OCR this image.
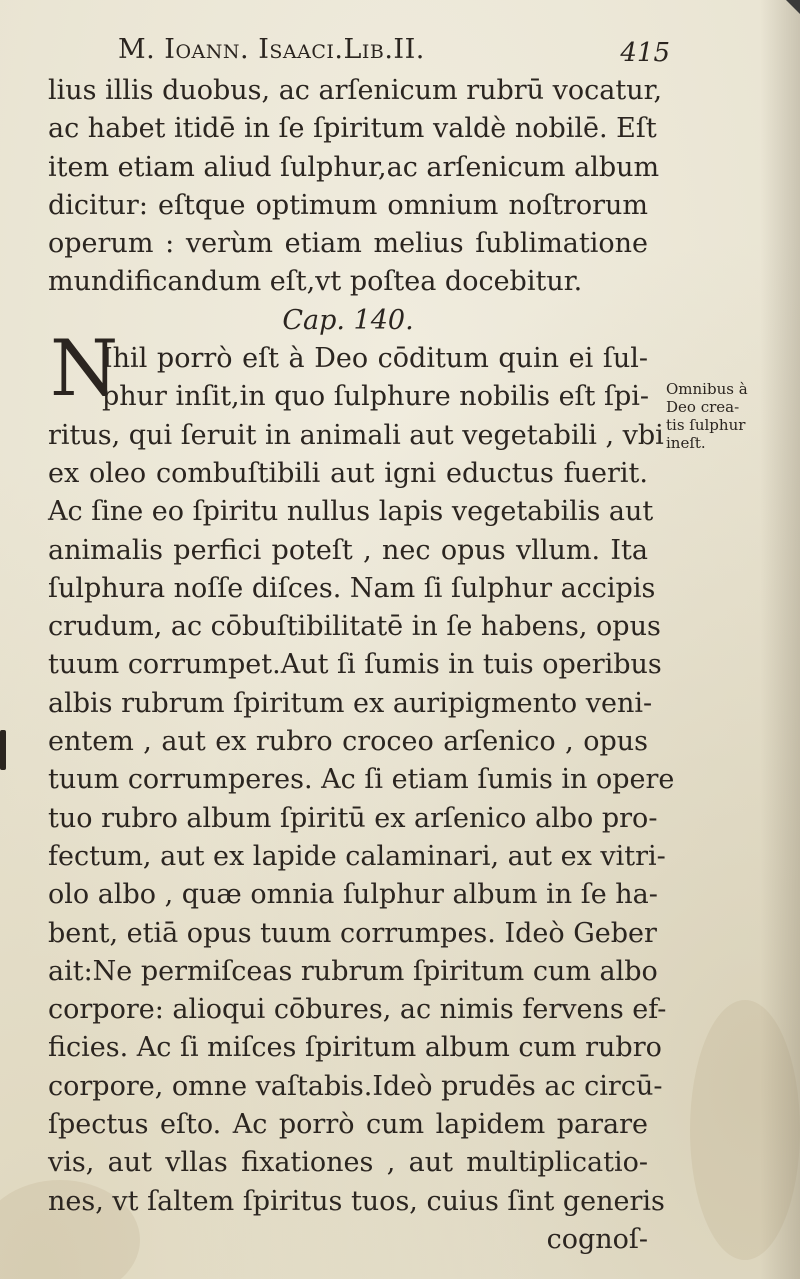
M. Ioann. Isaaci.Lib.II.	415
N
lius illis duobus, ac arſenicum rubrū vocatur,
ac habet itidē in ſe ſpiritum valdè nobilē. Eſt
item etiam aliud ſulphur,ac arſenicum album
dicitur: eſtque optimum omnium noſtrorum
operum : verùm etiam melius ſublimatione
mundificandum eſt,vt poſtea docebitur.
Cap. 140.
Ihil porrò eſt à Deo cōditum quin ei ſul-
phur inſit,in quo ſulphure nobilis eſt ſpi-
ritus, qui ſeruit in animali aut vegetabili , vbi
ex oleo combuſtibili aut igni eductus fuerit.
Ac ſine eo ſpiritu nullus lapis vegetabilis aut
animalis perfici poteſt , nec opus vllum. Ita
ſulphura noſſe diſces. Nam ſi ſulphur accipis
crudum, ac cōbuſtibilitatē in ſe habens, opus
tuum corrumpet.Aut ſi ſumis in tuis operibus
albis rubrum ſpiritum ex auripigmento veni-
entem , aut ex rubro croceo arſenico , opus
tuum corrumperes. Ac ſi etiam ſumis in opere
tuo rubro album ſpiritū ex arſenico albo pro-
fectum, aut ex lapide calaminari, aut ex vitri-
olo albo , quæ omnia ſulphur album in ſe ha-
bent, etiā opus tuum corrumpes. Ideò Geber
ait:Ne permiſceas rubrum ſpiritum cum albo
corpore: alioqui cōbures, ac nimis fervens ef-
ficies. Ac ſi miſces ſpiritum album cum rubro
corpore, omne vaſtabis.Ideò prudēs ac circū-
ſpectus eſto. Ac porrò cum lapidem parare
vis, aut vllas fixationes , aut multiplicatio-
nes, vt ſaltem ſpiritus tuos, cuius ſint generis
cognoſ-
Omnibus à
Deo crea-
tis ſulphur
ineſt.
